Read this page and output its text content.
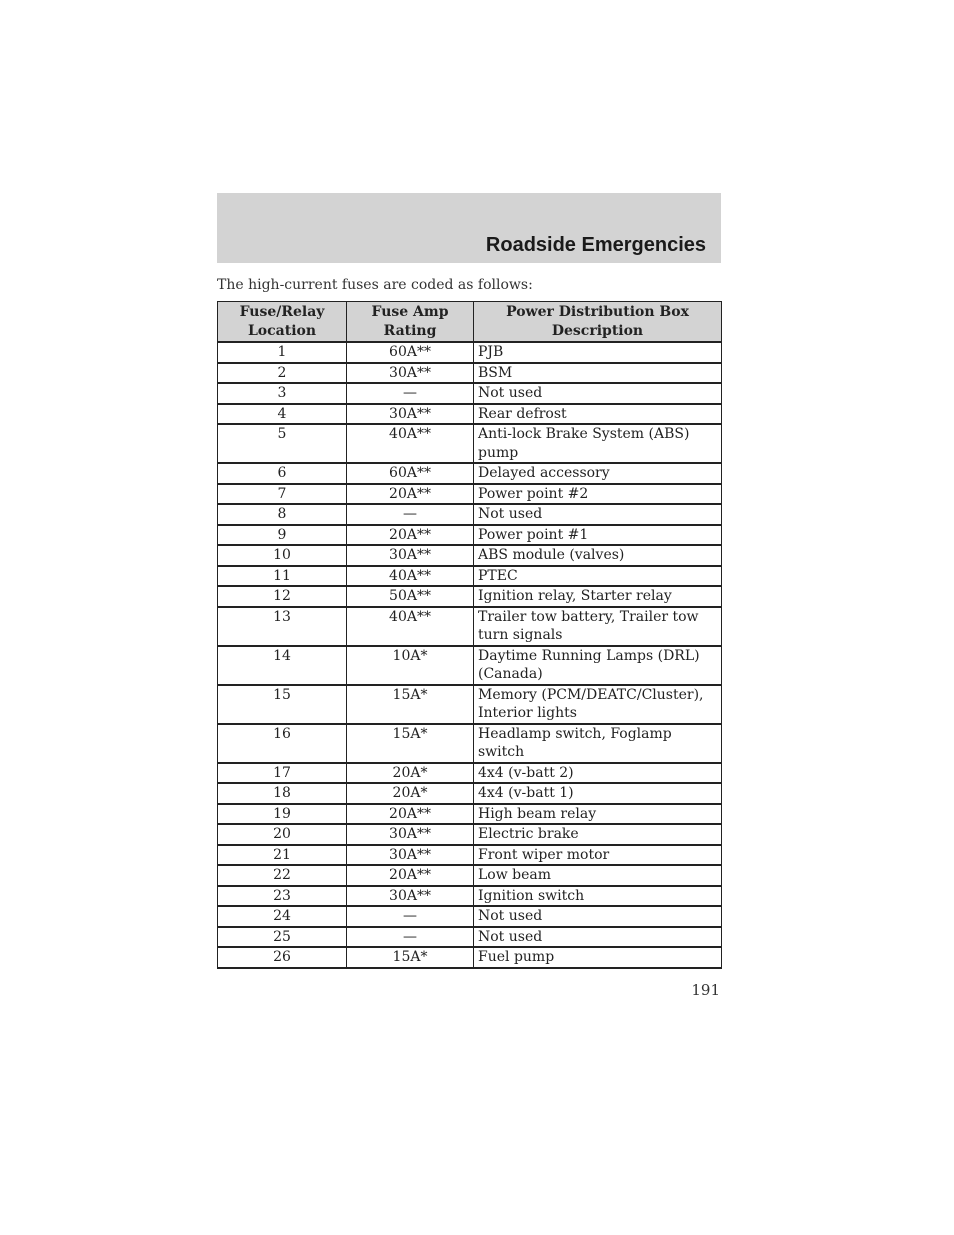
Roadside Emergencies
The high-current fuses are coded as follows:
Fuse/Relay Location	Fuse Amp Rating	Power Distribution Box Description
1	60A**	PJB
2	30A**	BSM
3	—	Not used
4	30A**	Rear defrost
5	40A**	Anti-lock Brake System (ABS) pump
6	60A**	Delayed accessory
7	20A**	Power point #2
8	—	Not used
9	20A**	Power point #1
10	30A**	ABS module (valves)
11	40A**	PTEC
12	50A**	Ignition relay, Starter relay
13	40A**	Trailer tow battery, Trailer tow turn signals
14	10A*	Daytime Running Lamps (DRL) (Canada)
15	15A*	Memory (PCM/DEATC/Cluster), Interior lights
16	15A*	Headlamp switch, Foglamp switch
17	20A*	4x4 (v-batt 2)
18	20A*	4x4 (v-batt 1)
19	20A**	High beam relay
20	30A**	Electric brake
21	30A**	Front wiper motor
22	20A**	Low beam
23	30A**	Ignition switch
24	—	Not used
25	—	Not used
26	15A*	Fuel pump
191
